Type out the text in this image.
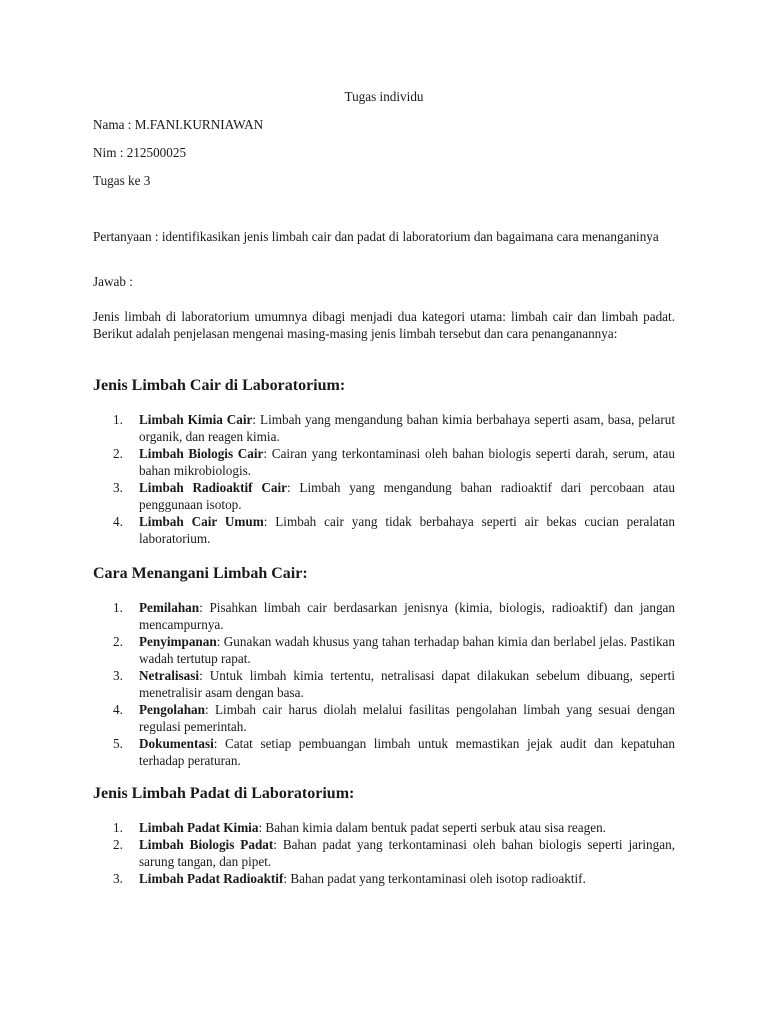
Tugas individu
Nama : M.FANI.KURNIAWAN
Nim : 212500025
Tugas ke 3
Pertanyaan : identifikasikan jenis limbah cair dan padat di laboratorium dan bagaimana cara menanganinya
Jawab :
Jenis limbah di laboratorium umumnya dibagi menjadi dua kategori utama: limbah cair dan limbah padat. Berikut adalah penjelasan mengenai masing-masing jenis limbah tersebut dan cara penanganannya:
Jenis Limbah Cair di Laboratorium:
1.	Limbah Kimia Cair: Limbah yang mengandung bahan kimia berbahaya seperti asam, basa, pelarut organik, dan reagen kimia.
2.	Limbah Biologis Cair: Cairan yang terkontaminasi oleh bahan biologis seperti darah, serum, atau bahan mikrobiologis.
3.	Limbah Radioaktif Cair: Limbah yang mengandung bahan radioaktif dari percobaan atau penggunaan isotop.
4.	Limbah Cair Umum: Limbah cair yang tidak berbahaya seperti air bekas cucian peralatan laboratorium.
Cara Menangani Limbah Cair:
1.	Pemilahan: Pisahkan limbah cair berdasarkan jenisnya (kimia, biologis, radioaktif) dan jangan mencampurnya.
2.	Penyimpanan: Gunakan wadah khusus yang tahan terhadap bahan kimia dan berlabel jelas. Pastikan wadah tertutup rapat.
3.	Netralisasi: Untuk limbah kimia tertentu, netralisasi dapat dilakukan sebelum dibuang, seperti menetralisir asam dengan basa.
4.	Pengolahan: Limbah cair harus diolah melalui fasilitas pengolahan limbah yang sesuai dengan regulasi pemerintah.
5.	Dokumentasi: Catat setiap pembuangan limbah untuk memastikan jejak audit dan kepatuhan terhadap peraturan.
Jenis Limbah Padat di Laboratorium:
1.	Limbah Padat Kimia: Bahan kimia dalam bentuk padat seperti serbuk atau sisa reagen.
2.	Limbah Biologis Padat: Bahan padat yang terkontaminasi oleh bahan biologis seperti jaringan, sarung tangan, dan pipet.
3.	Limbah Padat Radioaktif: Bahan padat yang terkontaminasi oleh isotop radioaktif.
